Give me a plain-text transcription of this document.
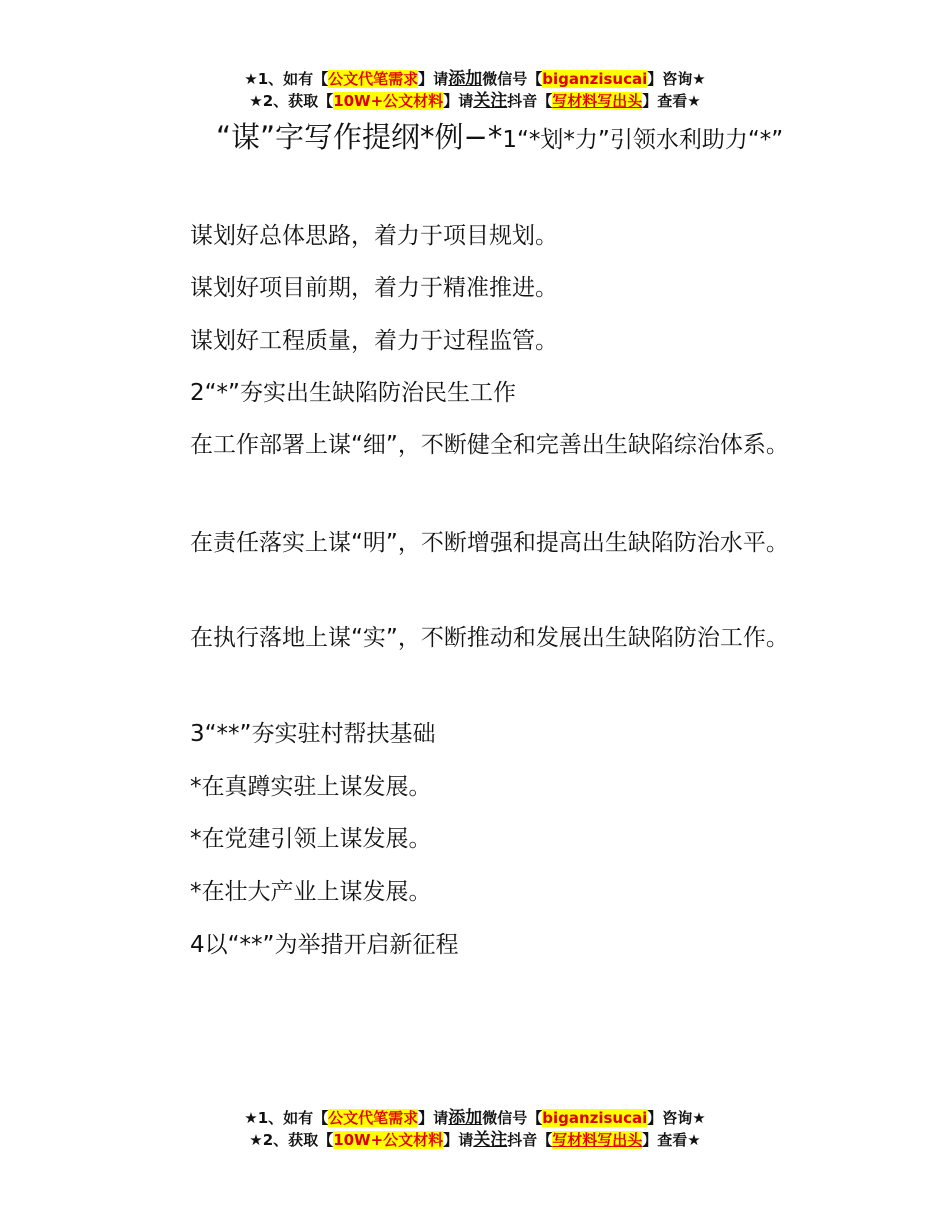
★1、如有【公文代笔需求】请添加微信号【biganzisucai】咨询★
★2、获取【10W+公文材料】请关注抖音【写材料写出头】查看★
“谋”字写作提纲*例−*1“*划*力”引领水利助力“*”
谋划好总体思路，着力于项目规划。
谋划好项目前期，着力于精准推进。
谋划好工程质量，着力于过程监管。
2“*”夯实出生缺陷防治民生工作
在工作部署上谋“细”，不断健全和完善出生缺陷综治体系。
在责任落实上谋“明”，不断增强和提高出生缺陷防治水平。
在执行落地上谋“实”，不断推动和发展出生缺陷防治工作。
3“**”夯实驻村帮扶基础
*在真蹲实驻上谋发展。
*在党建引领上谋发展。
*在壮大产业上谋发展。
4以“**”为举措开启新征程
★1、如有【公文代笔需求】请添加微信号【biganzisucai】咨询★
★2、获取【10W+公文材料】请关注抖音【写材料写出头】查看★
